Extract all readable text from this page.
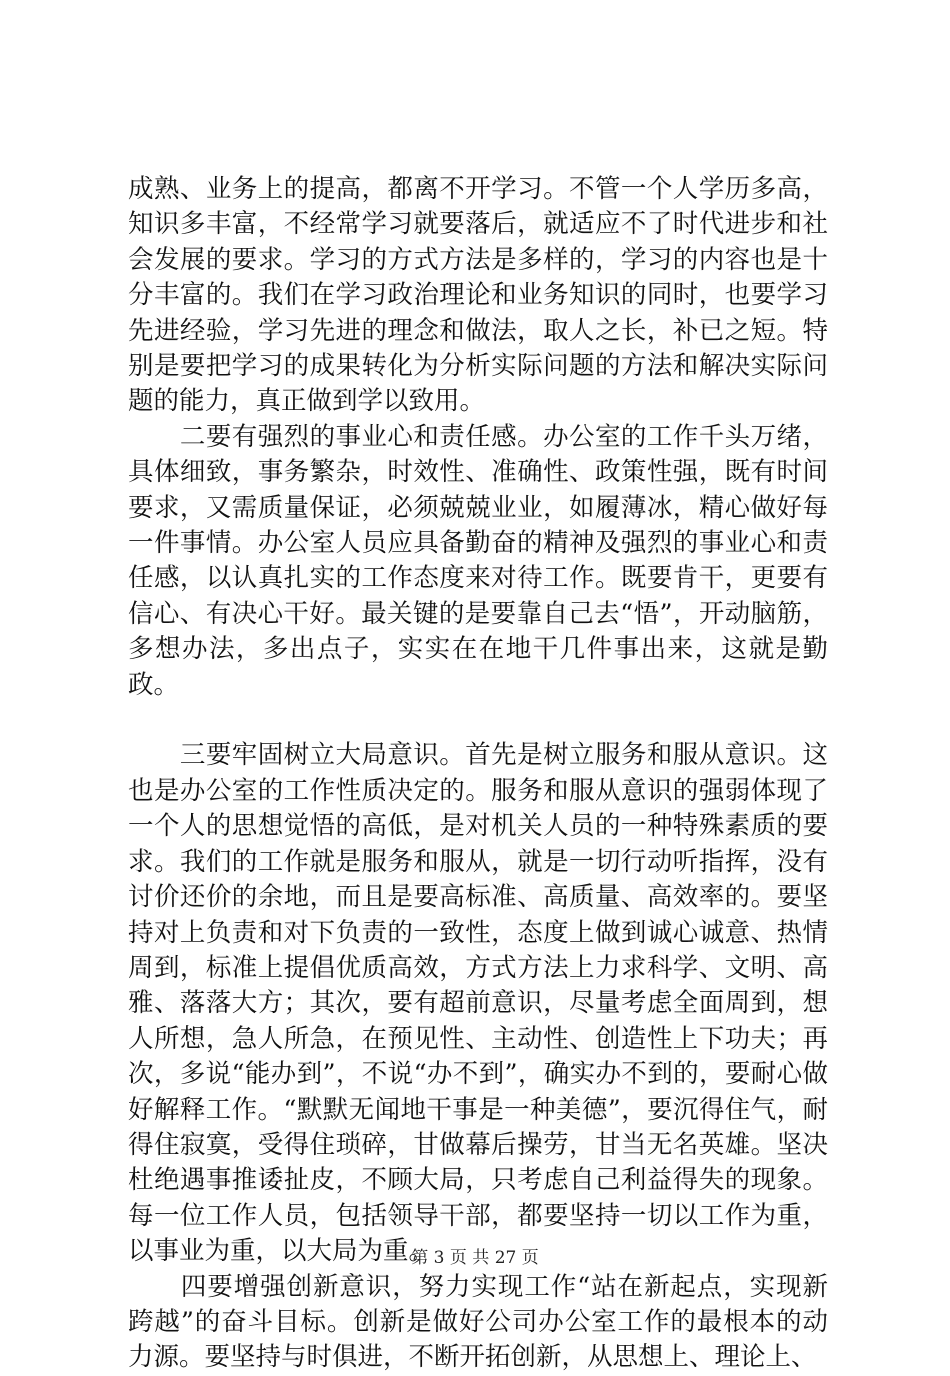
成熟、业务上的提高，都离不开学习。不管一个人学历多高，知识多丰富，不经常学习就要落后，就适应不了时代进步和社会发展的要求。学习的方式方法是多样的，学习的内容也是十分丰富的。我们在学习政治理论和业务知识的同时，也要学习先进经验，学习先进的理念和做法，取人之长，补已之短。特别是要把学习的成果转化为分析实际问题的方法和解决实际问题的能力，真正做到学以致用。

　　二要有强烈的事业心和责任感。办公室的工作千头万绪，具体细致，事务繁杂，时效性、准确性、政策性强，既有时间要求，又需质量保证，必须兢兢业业，如履薄冰，精心做好每一件事情。办公室人员应具备勤奋的精神及强烈的事业心和责任感，以认真扎实的工作态度来对待工作。既要肯干，更要有信心、有决心干好。最关键的是要靠自己去“悟”，开动脑筋，多想办法，多出点子，实实在在地干几件事出来，这就是勤政。

　　三要牢固树立大局意识。首先是树立服务和服从意识。这也是办公室的工作性质决定的。服务和服从意识的强弱体现了一个人的思想觉悟的高低，是对机关人员的一种特殊素质的要求。我们的工作就是服务和服从，就是一切行动听指挥，没有讨价还价的余地，而且是要高标准、高质量、高效率的。要坚持对上负责和对下负责的一致性，态度上做到诚心诚意、热情周到，标准上提倡优质高效，方式方法上力求科学、文明、高雅、落落大方；其次，要有超前意识，尽量考虑全面周到，想人所想，急人所急，在预见性、主动性、创造性上下功夫；再次，多说“能办到”，不说“办不到”，确实办不到的，要耐心做好解释工作。“默默无闻地干事是一种美德”，要沉得住气，耐得住寂寞，受得住琐碎，甘做幕后操劳，甘当无名英雄。坚决杜绝遇事推诿扯皮，不顾大局，只考虑自己利益得失的现象。每一位工作人员，包括领导干部，都要坚持一切以工作为重，以事业为重，以大局为重。

　　四要增强创新意识，努力实现工作“站在新起点，实现新跨越”的奋斗目标。创新是做好公司办公室工作的最根本的动力源。要坚持与时俱进，不断开拓创新，从思想上、理论上、

第 3 页 共 27 页
